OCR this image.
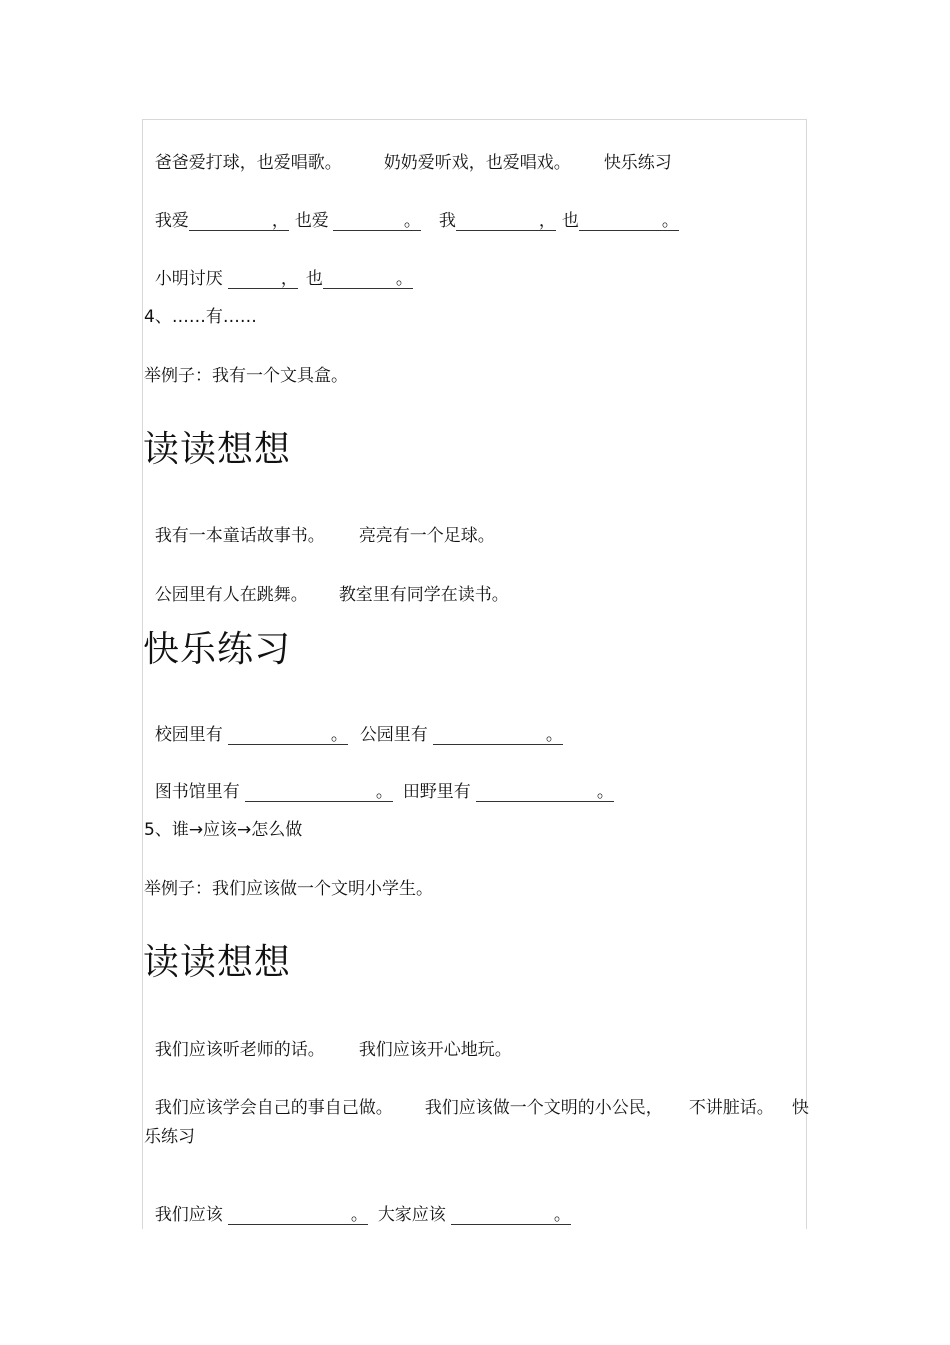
爸爸爱打球，也爱唱歌。 奶奶爱听戏，也爱唱戏。 快乐练习

我爱	， 也爱	。 我	， 也	。

小明讨厌	， 也	。

4、……有……
举例子：我有一个文具盒。
读读想想

我有一本童话故事书。 亮亮有一个足球。

公园里有人在跳舞。 教室里有同学在读书。

快乐练习

校园里有	。 公园里有	。

图书馆里有	。 田野里有	。

5、谁→应该→怎么做
举例子：我们应该做一个文明小学生。
读读想想

我们应该听老师的话。 我们应该开心地玩。

我们应该学会自己的事自己做。 我们应该做一个文明的小公民， 不讲脏话。 快

乐练习

我们应该	。 大家应该	。
